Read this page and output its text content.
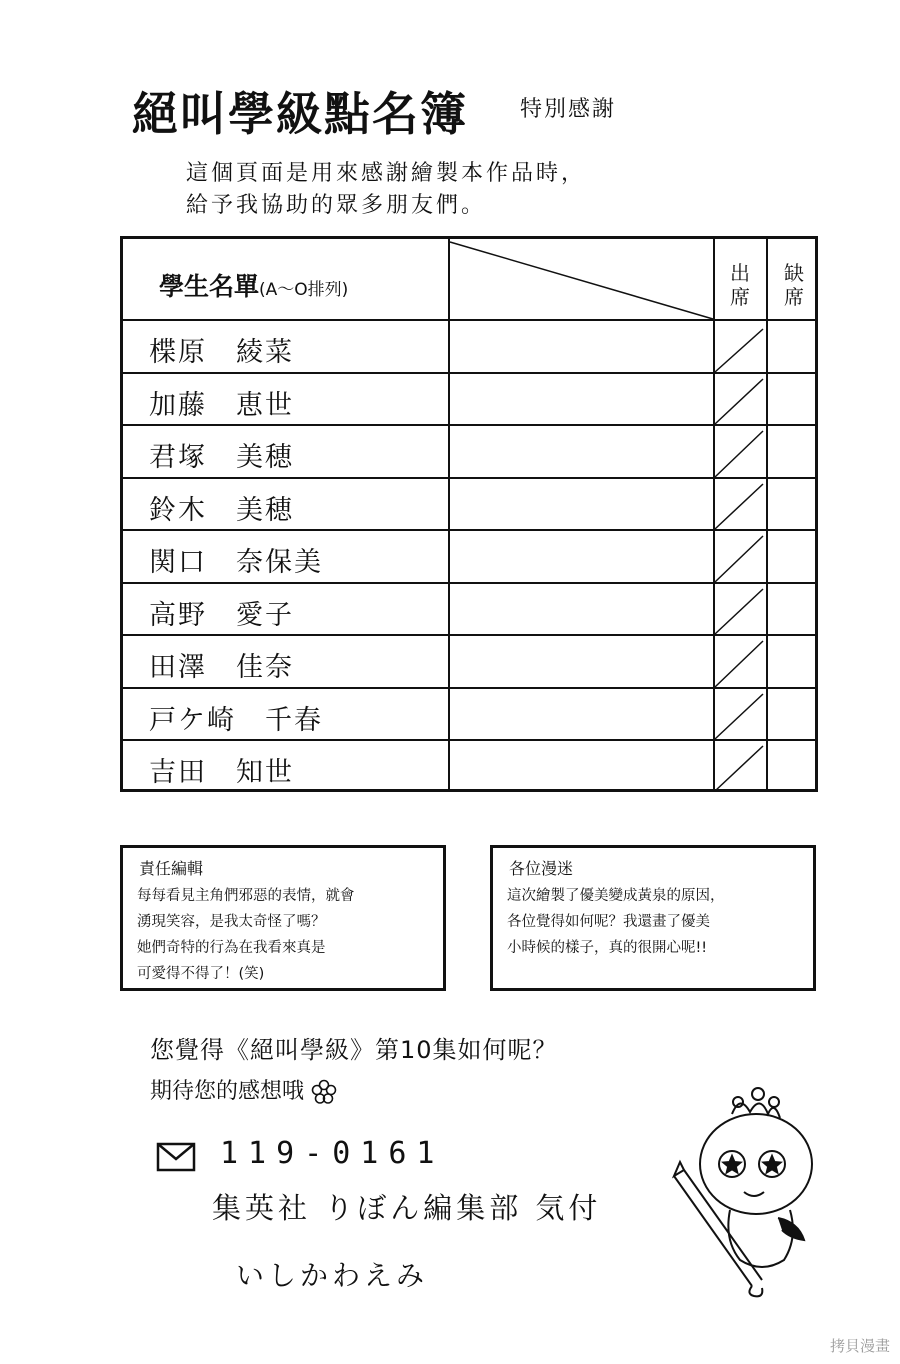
絕叫學級點名簿 特別感謝
這個頁面是用來感謝繪製本作品時，
給予我協助的眾多朋友們。
學生名單(A～O排列)
出席
缺席
楪原　綾菜
加藤　恵世
君塚　美穂
鈴木　美穂
関口　奈保美
高野　愛子
田澤　佳奈
戸ケ崎　千春
吉田　知世
責任編輯
每每看見主角們邪惡的表情，就會
湧現笑容，是我太奇怪了嗎？
她們奇特的行為在我看來真是
可愛得不得了！(笑)
各位漫迷
這次繪製了優美變成黃泉的原因，
各位覺得如何呢？我還畫了優美
小時候的樣子，真的很開心呢!!
您覺得《絕叫學級》第10集如何呢？
期待您的感想哦
119-0161
集英社 りぼん編集部 気付
いしかわえみ
拷貝漫畫
